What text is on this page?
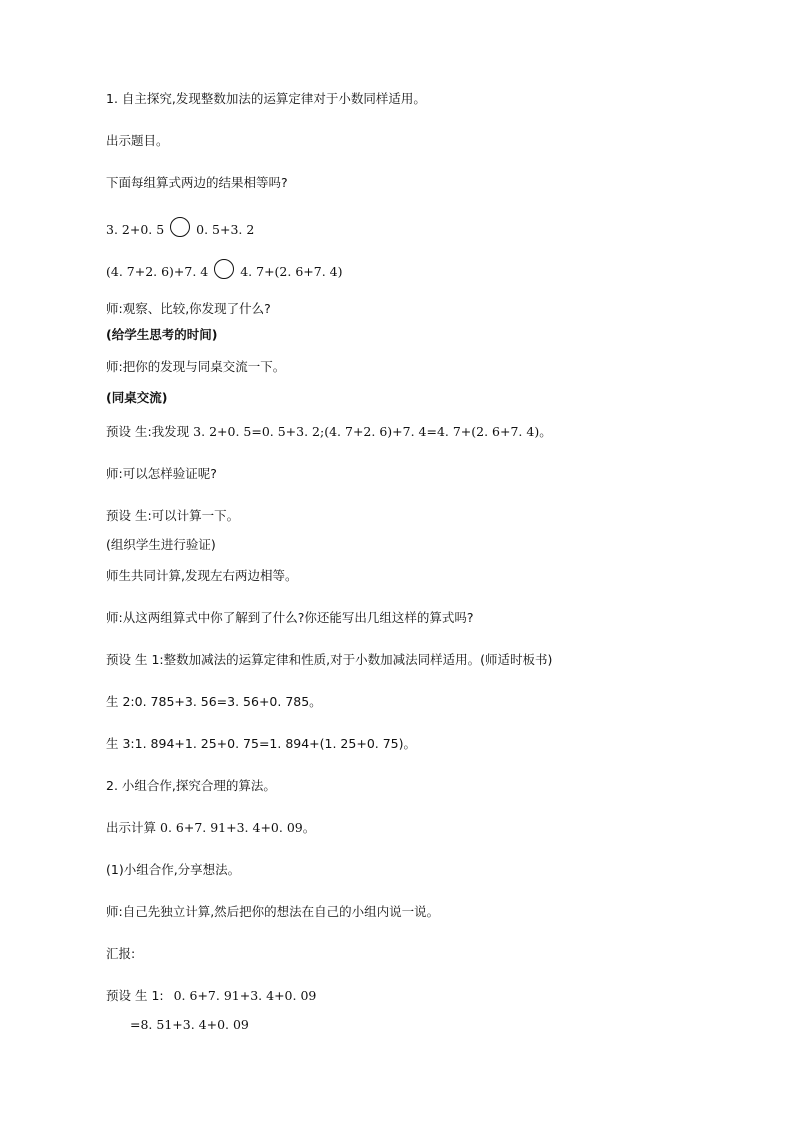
1. 自主探究,发现整数加法的运算定律对于小数同样适用。
出示题目。
下面每组算式两边的结果相等吗?
3. 2+0. 5	0. 5+3. 2
(4. 7+2. 6)+7. 4	4. 7+(2. 6+7. 4)
师:观察、比较,你发现了什么?
(给学生思考的时间)
师:把你的发现与同桌交流一下。
(同桌交流)
预设 生:我发现 3. 2+0. 5=0. 5+3. 2;(4. 7+2. 6)+7. 4=4. 7+(2. 6+7. 4)。
师:可以怎样验证呢?
预设 生:可以计算一下。
(组织学生进行验证)
师生共同计算,发现左右两边相等。
师:从这两组算式中你了解到了什么?你还能写出几组这样的算式吗?
预设 生 1:整数加减法的运算定律和性质,对于小数加减法同样适用。(师适时板书)
生 2:0. 785+3. 56=3. 56+0. 785。
生 3:1. 894+1. 25+0. 75=1. 894+(1. 25+0. 75)。
2. 小组合作,探究合理的算法。
出示计算 0. 6+7. 91+3. 4+0. 09。
(1)小组合作,分享想法。
师:自己先独立计算,然后把你的想法在自己的小组内说一说。
汇报:
预设 生 1: 0. 6+7. 91+3. 4+0. 09
=8. 51+3. 4+0. 09
